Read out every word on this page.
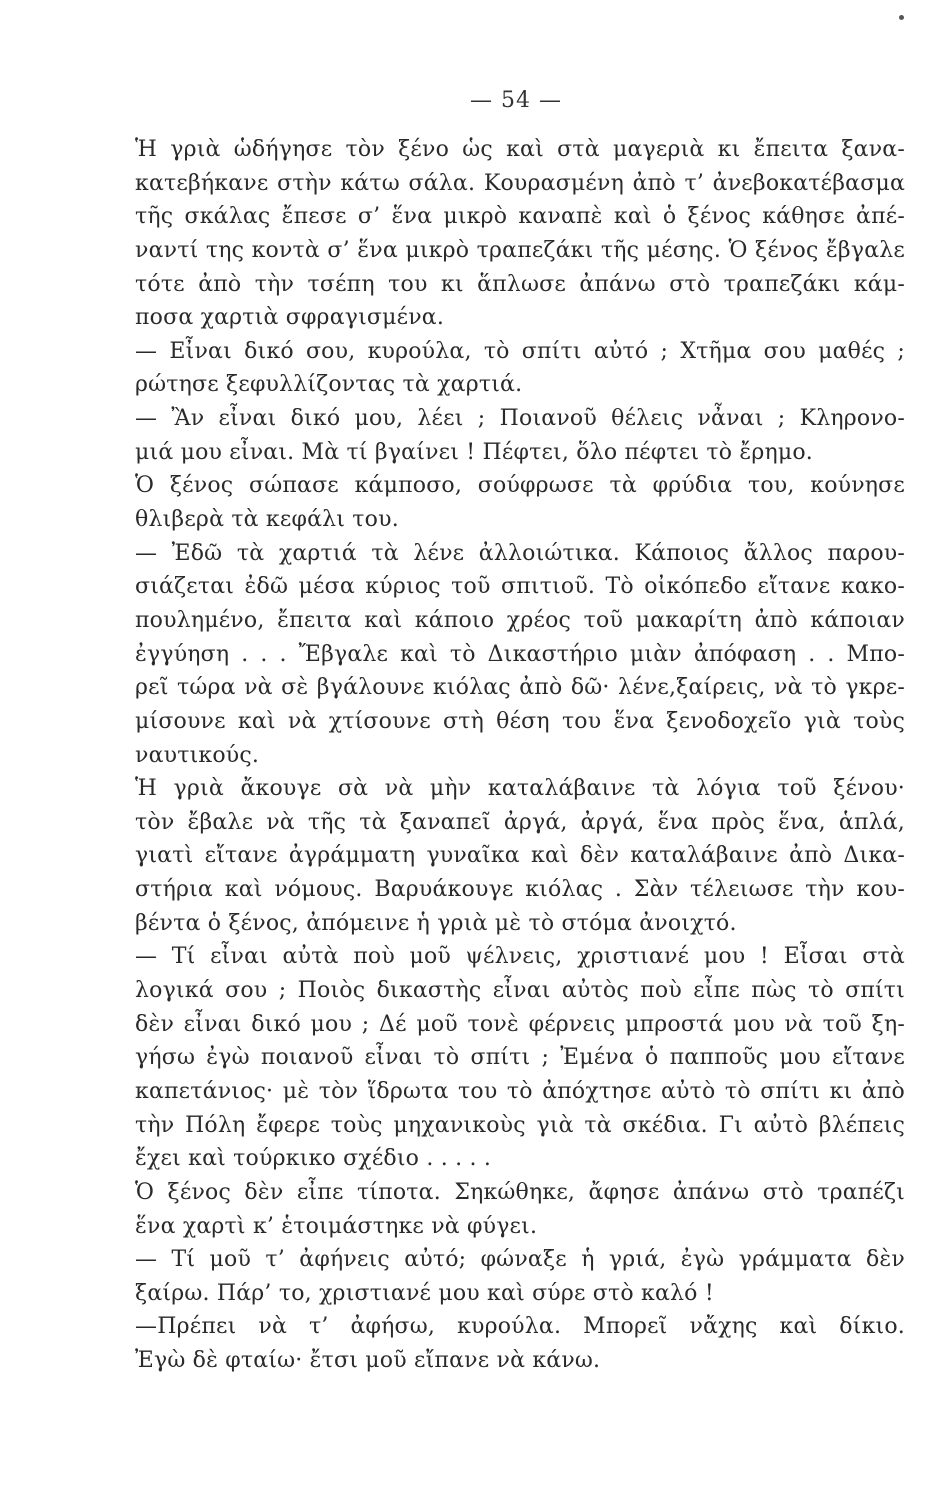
— 54 —
Ἡ γριὰ ὡδήγησε τὸν ξένο ὡς καὶ στὰ μαγεριὰ κι ἔπειτα ξανα-
κατεβήκανε στὴν κάτω σάλα. Κουρασμένη ἀπὸ τ’ ἀνεβοκατέβασμα
τῆς σκάλας ἔπεσε σ’ ἕνα μικρὸ καναπὲ καὶ ὁ ξένος κάθησε ἀπέ-
ναντί της κοντὰ σ’ ἕνα μικρὸ τραπεζάκι τῆς μέσης. Ὁ ξένος ἔβγαλε
τότε ἀπὸ τὴν τσέπη του κι ἅπλωσε ἀπάνω στὸ τραπεζάκι κάμ-
ποσα χαρτιὰ σφραγισμένα.
— Εἶναι δικό σου, κυρούλα, τὸ σπίτι αὐτό ; Χτῆμα σου μαθές ;
ρώτησε ξεφυλλίζοντας τὰ χαρτιά.
— Ἂν εἶναι δικό μου, λέει ; Ποιανοῦ θέλεις νἆναι ; Κληρονο-
μιά μου εἶναι. Μὰ τί βγαίνει ! Πέφτει, ὅλο πέφτει τὸ ἔρημο.
Ὁ ξένος σώπασε κάμποσο, σούφρωσε τὰ φρύδια του, κούνησε
θλιβερὰ τὰ κεφάλι του.
— Ἐδῶ τὰ χαρτιά τὰ λένε ἀλλοιώτικα. Κάποιος ἄλλος παρου-
σιάζεται ἐδῶ μέσα κύριος τοῦ σπιτιοῦ. Τὸ οἰκόπεδο εἴτανε κακο-
πουλημένο, ἔπειτα καὶ κάποιο χρέος τοῦ μακαρίτη ἀπὸ κάποιαν
ἐγγύηση . . . Ἔβγαλε καὶ τὸ Δικαστήριο μιὰν ἀπόφαση . . Μπο-
ρεῖ τώρα νὰ σὲ βγάλουνε κιόλας ἀπὸ δῶ· λένε,ξαίρεις, νὰ τὸ γκρε-
μίσουνε καὶ νὰ χτίσουνε στὴ θέση του ἕνα ξενοδοχεῖο γιὰ τοὺς
ναυτικούς.
Ἡ γριὰ ἄκουγε σὰ νὰ μὴν καταλάβαινε τὰ λόγια τοῦ ξένου·
τὸν ἔβαλε νὰ τῆς τὰ ξαναπεῖ ἀργά, ἀργά, ἕνα πρὸς ἕνα, ἁπλά,
γιατὶ εἴτανε ἀγράμματη γυναῖκα καὶ δὲν καταλάβαινε ἀπὸ Δικα-
στήρια καὶ νόμους. Βαρυάκουγε κιόλας . Σὰν τέλειωσε τὴν κου-
βέντα ὁ ξένος, ἀπόμεινε ἡ γριὰ μὲ τὸ στόμα ἀνοιχτό.
— Τί εἶναι αὐτὰ ποὺ μοῦ ψέλνεις, χριστιανέ μου ! Εἶσαι στὰ
λογικά σου ; Ποιὸς δικαστὴς εἶναι αὐτὸς ποὺ εἶπε πὼς τὸ σπίτι
δὲν εἶναι δικό μου ; Δέ μοῦ τονὲ φέρνεις μπροστά μου νὰ τοῦ ξη-
γήσω ἐγὼ ποιανοῦ εἶναι τὸ σπίτι ; Ἐμένα ὁ παπποῦς μου εἴτανε
καπετάνιος· μὲ τὸν ἵδρωτα του τὸ ἀπόχτησε αὐτὸ τὸ σπίτι κι ἀπὸ
τὴν Πόλη ἔφερε τοὺς μηχανικοὺς γιὰ τὰ σκέδια. Γι αὐτὸ βλέπεις
ἔχει καὶ τούρκικο σχέδιο . . . . .
Ὁ ξένος δὲν εἶπε τίποτα. Σηκώθηκε, ἄφησε ἀπάνω στὸ τραπέζι
ἕνα χαρτὶ κ’ ἑτοιμάστηκε νὰ φύγει.
— Τί μοῦ τ’ ἀφήνεις αὐτό; φώναξε ἡ γριά, ἐγὼ γράμματα δὲν
ξαίρω. Πάρ’ το, χριστιανέ μου καὶ σύρε στὸ καλό !
—Πρέπει νὰ τ’ ἀφήσω, κυρούλα. Μπορεῖ νἄχης καὶ δίκιο.
Ἐγὼ δὲ φταίω· ἔτσι μοῦ εἴπανε νὰ κάνω.
